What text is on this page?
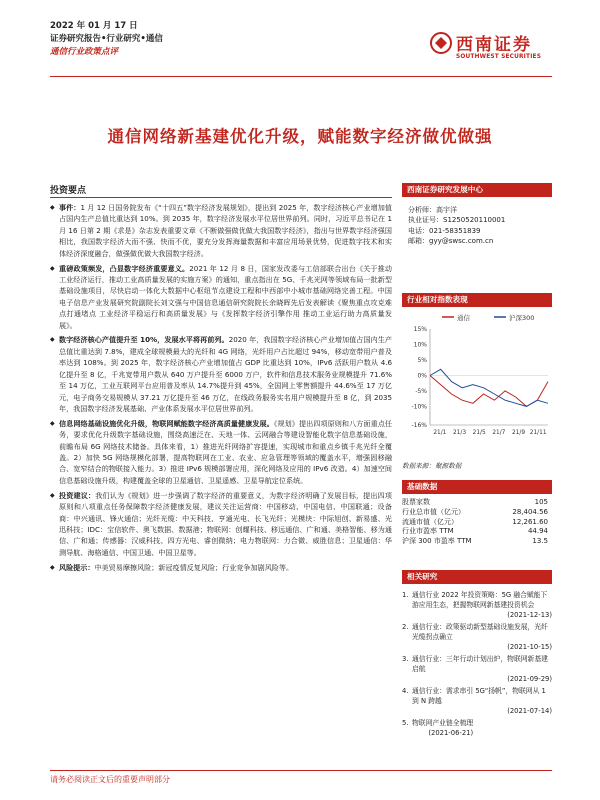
2022 年 01 月 17 日
证券研究报告•行业研究•通信
通信行业政策点评	西南证券
SOUTHWEST SECURITIES
通信网络新基建优化升级，赋能数字经济做优做强
投资要点
◆ 事件：1 月 12 日国务院发布《“十四五”数字经济发展规划》，提出到 2025 年，数字经济核心产业增加值占国内生产总值比重达到 10%。到 2035 年，数字经济发展水平位居世界前列。同时，习近平总书记在 1 月 16 日第 2 期《求是》杂志发表重要文章《不断做强做优做大我国数字经济》，指出与世界数字经济强国相比，我国数字经济大而不强、快而不优，要充分发挥海量数据和丰富应用场景优势，促进数字技术和实体经济深度融合，做强做优做大我国数字经济。
◆ 重磅政策频发，凸显数字经济重要意义。2021 年 12 月 8 日，国家发改委与工信部联合出台《关于推动工业经济运行，推动工业高质量发展的实施方案》的通知，重点指出在 5G、千兆光网等领域布局一批新型基础设施项目，尽快启动一体化大数据中心枢纽节点建设工程和中西部中小城市基础网络完善工程。中国电子信息产业发展研究院副院长刘文强与中国信息通信研究院院长余晓晖先后发表解读《聚焦重点攻克难点打通堵点 工业经济平稳运行和高质量发展》与《发挥数字经济引擎作用 推动工业运行助力高质量发展》。
◆ 数字经济核心产值提升至 10%，发展水平将再前列。2020 年，我国数字经济核心产业增加值占国内生产总值比重达到 7.8%，建成全球规模最大的光纤和 4G 网络，光纤用户占比超过 94%，移动宽带用户普及率达到 108%。到 2025 年，数字经济核心产业增加值占 GDP 比重达到 10%，IPv6 活跃用户数从 4.6 亿提升至 8 亿，千兆宽带用户数从 640 万户提升至 6000 万户，软件和信息技术服务业规模提升 71.6%至 14 万亿，工业互联网平台应用普及率从 14.7%提升到 45%，全国网上零售额提升 44.6%至 17 万亿元，电子商务交易规模从 37.21 万亿提升至 46 万亿，在线政务服务实名用户规模提升至 8 亿，到 2035 年，我国数字经济发展基础、产业体系发展水平位居世界前列。
◆ 信息网络基础设施优化升级，物联网赋能数字经济高质量健康发展。《规划》提出四项原则和八方面重点任务，要求优化升级数字基础设施，围绕高速泛在、天地一体、云网融合等建设智能化数字信息基础设施，前瞻布局 6G 网络技术储备。具体来看，1）推进光纤网络扩容提速，实现城市和重点乡镇千兆光纤全覆盖。2）加快 5G 网络规模化部署，提高物联网在工业、农业、应急管理等领域的覆盖水平，增强固移融合、宽窄结合的物联接入能力。3）推进 IPv6 规模部署应用，深化网络及应用的 IPv6 改造。4）加速空间信息基础设施升级，构建覆盖全球的卫星通信、卫星遥感、卫星导航定位系统。
◆ 投资建议：我们认为《规划》进一步强调了数字经济的重要意义，为数字经济明确了发展目标，提出四项原则和八项重点任务保障数字经济健康发展，建议关注运营商：中国移动、中国电信、中国联通；设备商：中兴通讯、锋火通信；光纤光缆：中天科技、亨通光电、长飞光纤；光模块：中际旭创、新易盛、光迅科技；IDC：宝信软件、奥飞数据、数据港；物联网：创耀科技、移远通信、广和通、美格智能、移为通信、广和通；传感器：汉威科技、四方光电、睿创微纳；电力物联网：力合微、威胜信息；卫星通信：华测导航、海格通信、中国卫通、中国卫星等。
◆ 风险提示：中美贸易摩擦风险；新冠疫情反复风险；行业竞争加剧风险等。
西南证券研究发展中心
分析师：高宇洋
执业证号：S1250520110001
电话：021-58351839
邮箱：gyy@swsc.com.cn
行业相对指数表现
通信	沪深300
15%
10%
5%
0%
-5%
-10%
-16%
21/1 21/3 21/5 21/7 21/9 21/11
数据来源：聚源数据
基础数据
股票家数	105
行业总市值（亿元）	28,404.56
流通市值（亿元）	12,261.60
行业市盈率 TTM	44.94
沪深 300 市盈率 TTM	13.5
相关研究
1. 通信行业 2022 年投资策略：5G 融合赋能下游应用生态，把握物联网新基建投资机会
(2021-12-13)
2. 通信行业：政策驱动新型基础设施发展，光纤光缆拐点确立
(2021-10-15)
3. 通信行业：三年行动计划出炉，物联网新基建启航
(2021-09-29)
4. 通信行业：需求串引 5G“扬帆”，物联网从 1 到 N 跨越
(2021-07-14)
5. 物联网产业链全梳理
(2021-06-21)
请务必阅读正文后的重要声明部分
